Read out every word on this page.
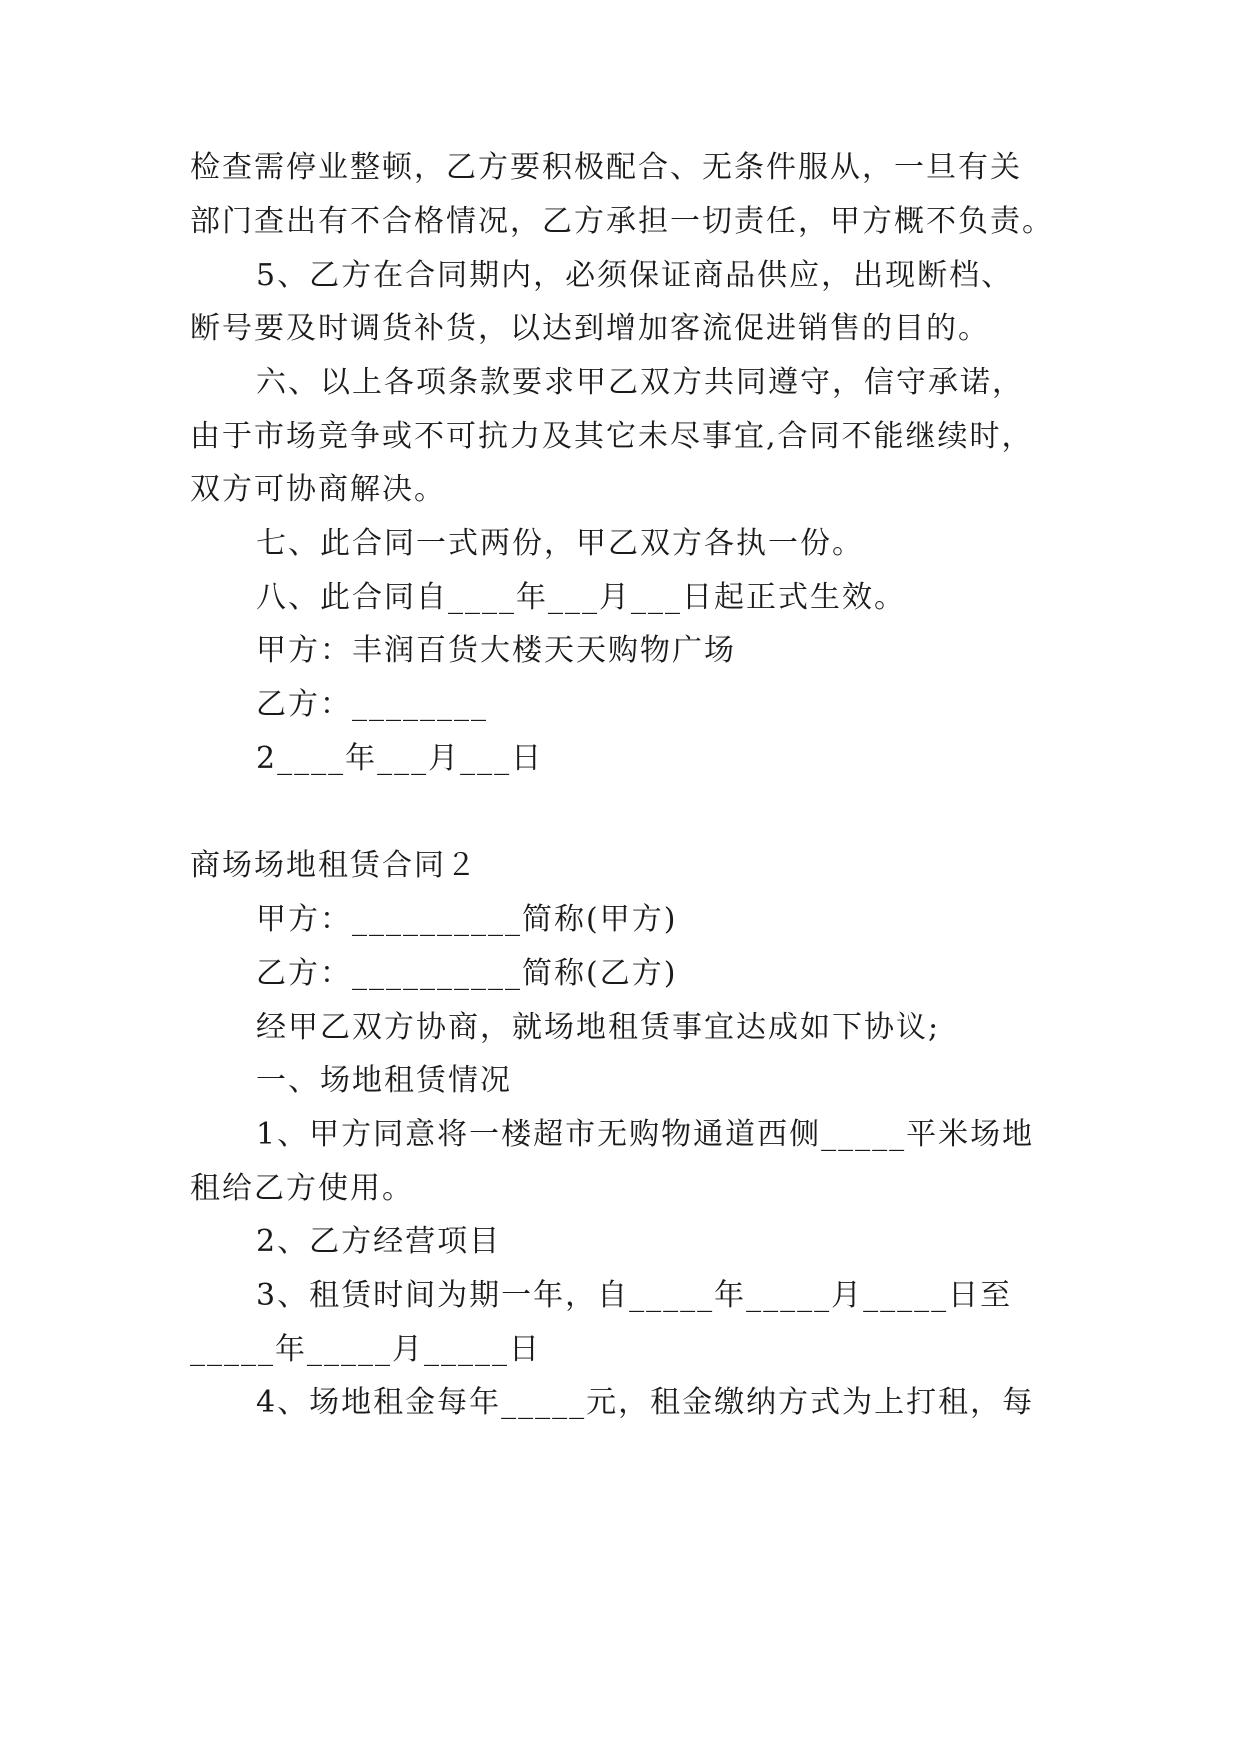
检查需停业整顿，乙方要积极配合、无条件服从，一旦有关
部门查出有不合格情况，乙方承担一切责任，甲方概不负责。
5、乙方在合同期内，必须保证商品供应，出现断档、
断号要及时调货补货，以达到增加客流促进销售的目的。
六、以上各项条款要求甲乙双方共同遵守，信守承诺，
由于市场竞争或不可抗力及其它未尽事宜,合同不能继续时，
双方可协商解决。
七、此合同一式两份，甲乙双方各执一份。
八、此合同自____年___月___日起正式生效。
甲方：丰润百货大楼天天购物广场
乙方：________
2____年___月___日
商场场地租赁合同２
甲方：__________简称(甲方)
乙方：__________简称(乙方)
经甲乙双方协商，就场地租赁事宜达成如下协议;
一、场地租赁情况
1、甲方同意将一楼超市无购物通道西侧_____平米场地
租给乙方使用。
2、乙方经营项目
3、租赁时间为期一年，自_____年_____月_____日至
_____年_____月_____日
4、场地租金每年_____元，租金缴纳方式为上打租，每
